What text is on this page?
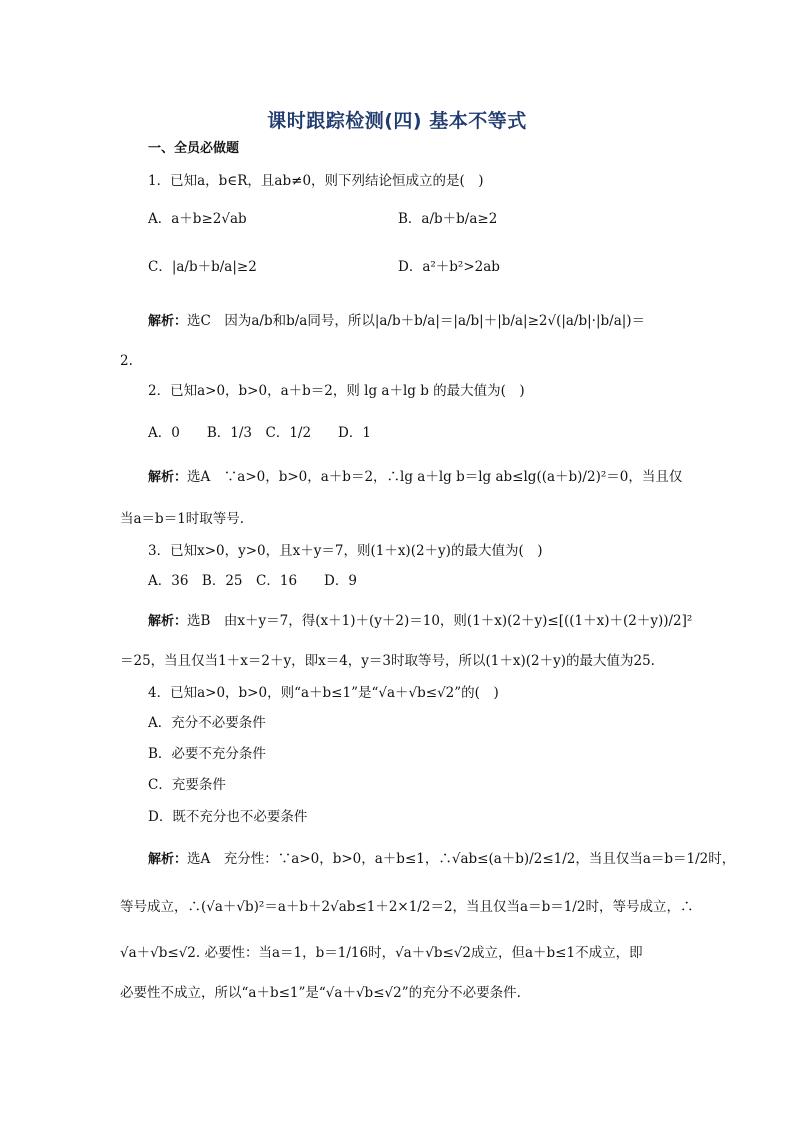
课时跟踪检测(四) 基本不等式
一、全员必做题
1．已知a，b∈R，且ab≠0，则下列结论恒成立的是(　)
A．a＋b≥2√ab	B．a/b＋b/a≥2
C．|a/b＋b/a|≥2	D．a²＋b²>2ab
解析：选C　因为a/b和b/a同号，所以|a/b＋b/a|＝|a/b|＋|b/a|≥2√(|a/b|·|b/a|)＝
2.
2．已知a>0，b>0，a＋b＝2，则 lg a＋lg b 的最大值为(　)
A．0　　B．1/3　C．1/2　　D．1
解析：选A　∵a>0，b>0，a＋b＝2，∴lg a＋lg b＝lg ab≤lg((a＋b)/2)²＝0，当且仅
当a＝b＝1时取等号.
3．已知x>0，y>0，且x＋y＝7，则(1＋x)(2＋y)的最大值为(　)
A．36　B．25　C．16　　D．9
解析：选B　由x＋y＝7，得(x＋1)＋(y＋2)＝10，则(1＋x)(2＋y)≤[((1＋x)＋(2＋y))/2]²
＝25，当且仅当1＋x＝2＋y，即x＝4，y＝3时取等号，所以(1＋x)(2＋y)的最大值为25.
4．已知a>0，b>0，则“a＋b≤1”是“√a＋√b≤√2”的(　)
A．充分不必要条件
B．必要不充分条件
C．充要条件
D．既不充分也不必要条件
解析：选A　充分性：∵a>0，b>0，a＋b≤1，∴√ab≤(a＋b)/2≤1/2，当且仅当a＝b＝1/2时，
等号成立，∴(√a＋√b)²＝a＋b＋2√ab≤1＋2×1/2＝2，当且仅当a＝b＝1/2时，等号成立，∴
√a＋√b≤√2. 必要性：当a＝1，b＝1/16时，√a＋√b≤√2成立，但a＋b≤1不成立，即
必要性不成立，所以“a＋b≤1”是“√a＋√b≤√2”的充分不必要条件.
